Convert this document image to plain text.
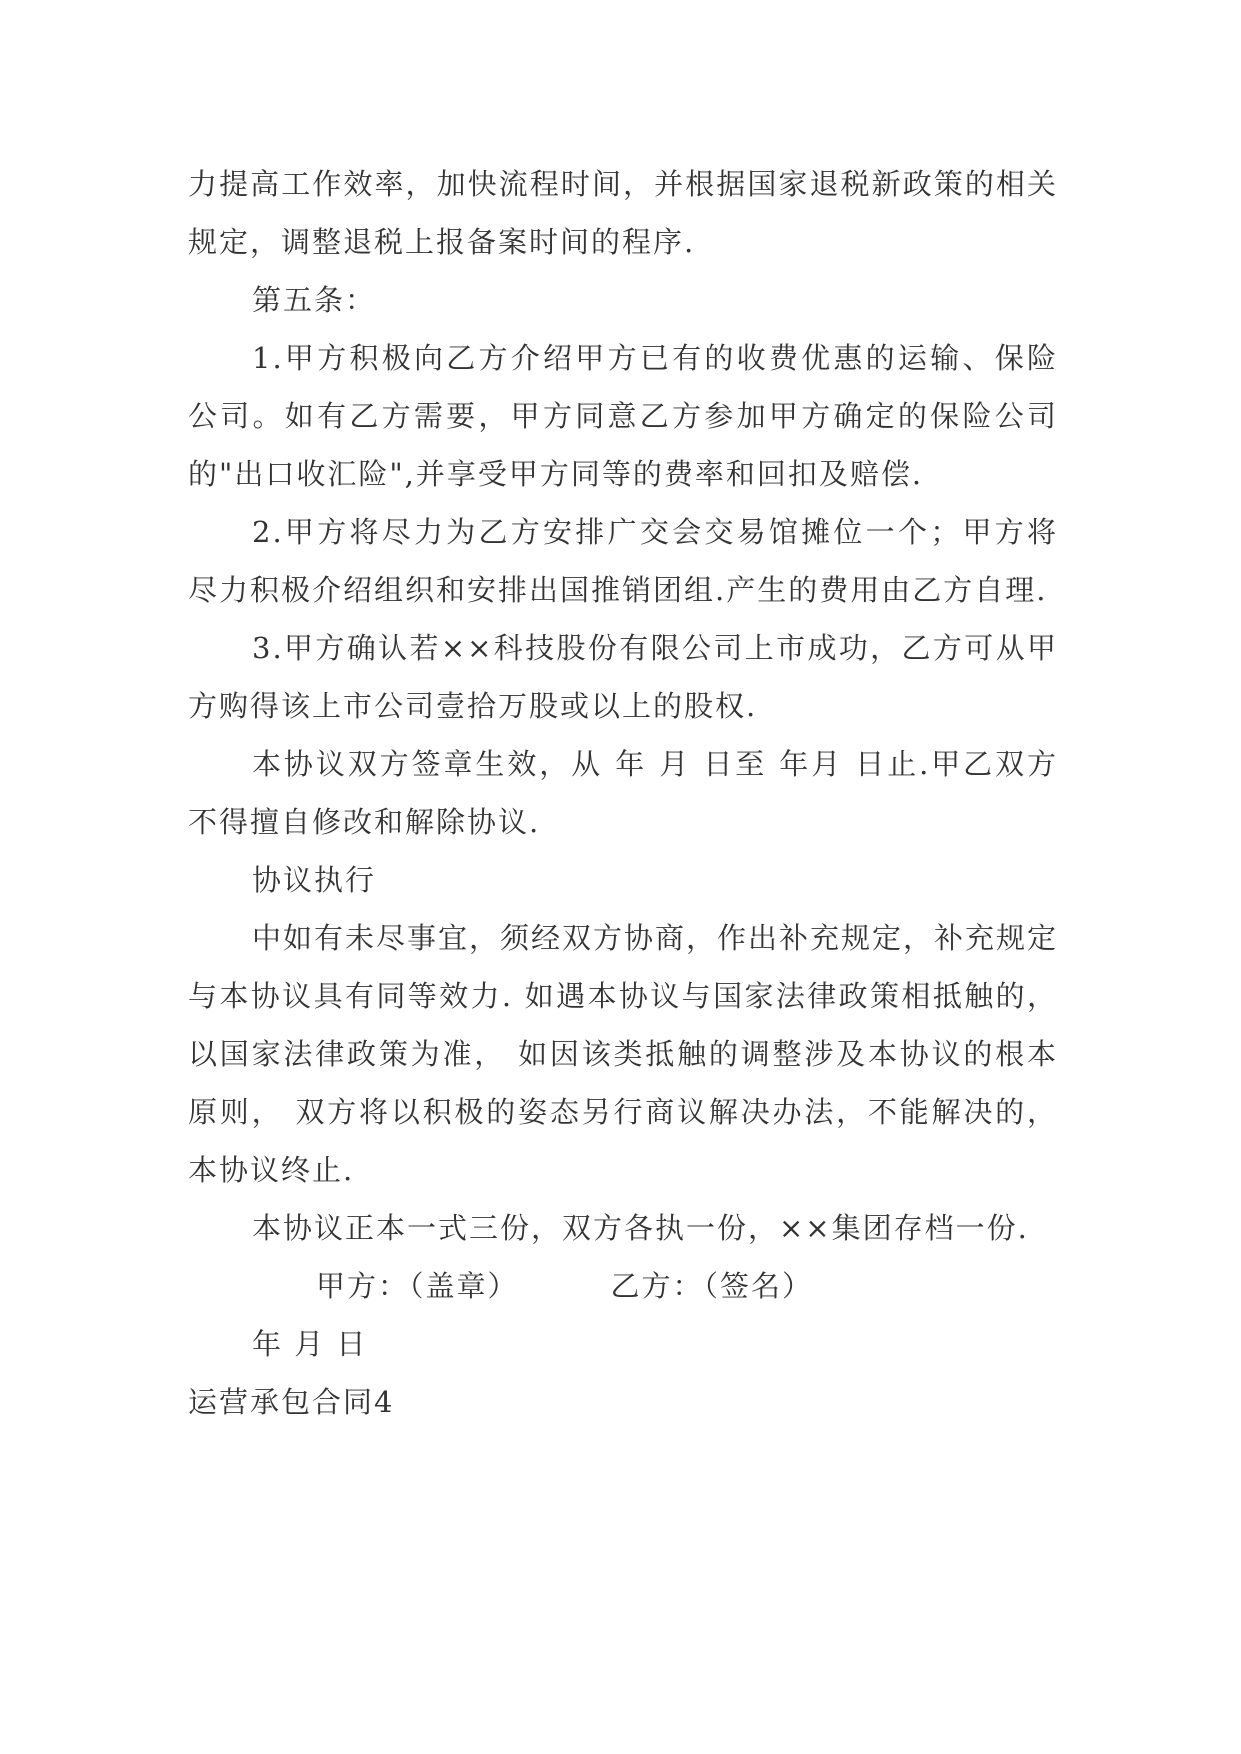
力提高工作效率，加快流程时间，并根据国家退税新政策的相关规定，调整退税上报备案时间的程序.

第五条：

1.甲方积极向乙方介绍甲方已有的收费优惠的运输、保险公司。如有乙方需要，甲方同意乙方参加甲方确定的保险公司的"出口收汇险",并享受甲方同等的费率和回扣及赔偿.

2.甲方将尽力为乙方安排广交会交易馆摊位一个；甲方将尽力积极介绍组织和安排出国推销团组.产生的费用由乙方自理.

3.甲方确认若××科技股份有限公司上市成功，乙方可从甲方购得该上市公司壹拾万股或以上的股权.

本协议双方签章生效，从 年 月 日至 年月 日止.甲乙双方不得擅自修改和解除协议.

协议执行

中如有未尽事宜，须经双方协商，作出补充规定，补充规定与本协议具有同等效力. 如遇本协议与国家法律政策相抵触的，以国家法律政策为准， 如因该类抵触的调整涉及本协议的根本原则， 双方将以积极的姿态另行商议解决办法，不能解决的，本协议终止.

本协议正本一式三份，双方各执一份，××集团存档一份.

甲方：（盖章）	乙方：（签名）

年 月 日

运营承包合同4
